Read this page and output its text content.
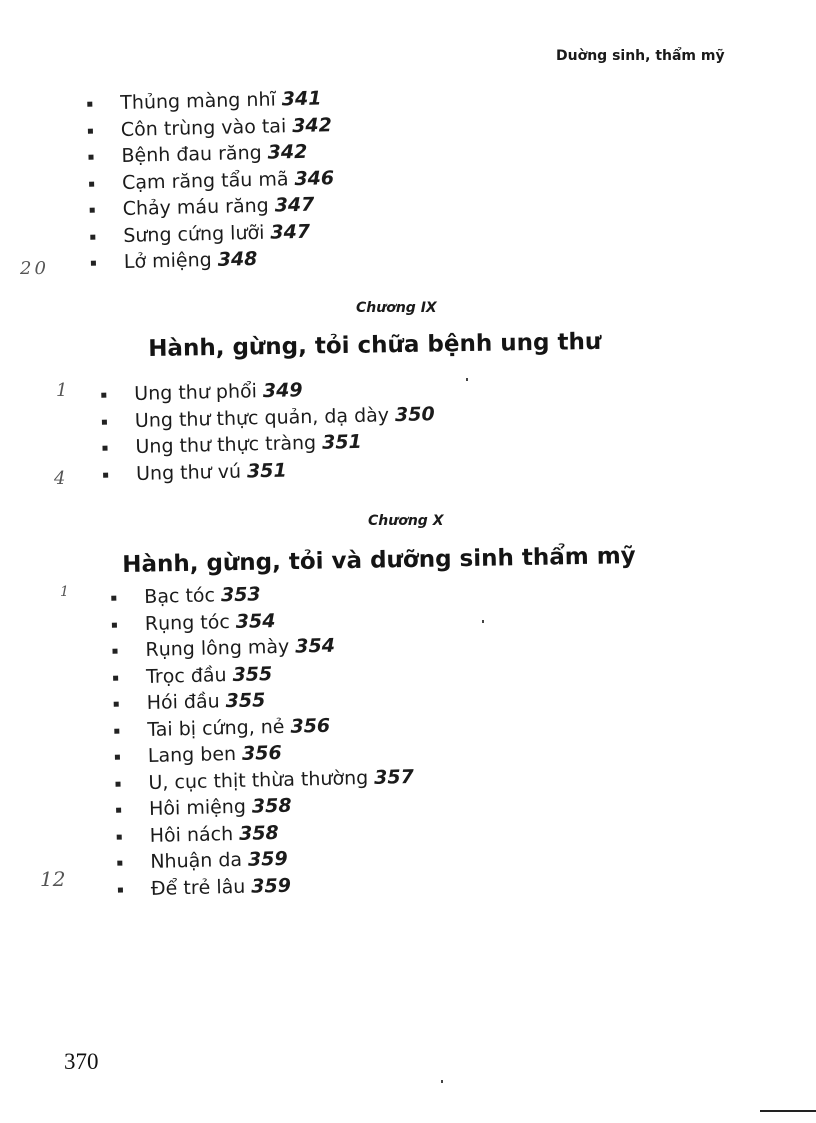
Duờng sinh, thẩm mỹ
Thủng màng nhĩ 341
Côn trùng vào tai 342
Bệnh đau răng 342
Cạm răng tẩu mã 346
Chảy máu răng 347
Sưng cứng lưỡi 347
Lở miệng 348
Chương IX
Hành, gừng, tỏi chữa bệnh ung thư
Ung thư phổi 349
Ung thư thực quản, dạ dày 350
Ung thư thực tràng 351
Ung thư vú 351
Chương X
Hành, gừng, tỏi và dưỡng sinh thẩm mỹ
Bạc tóc 353
Rụng tóc 354
Rụng lông mày 354
Trọc đầu 355
Hói đầu 355
Tai bị cứng, nẻ 356
Lang ben 356
U, cục thịt thừa thường 357
Hôi miệng 358
Hôi nách 358
Nhuận da 359
Để trẻ lâu 359
20
1
4
1
12
370
